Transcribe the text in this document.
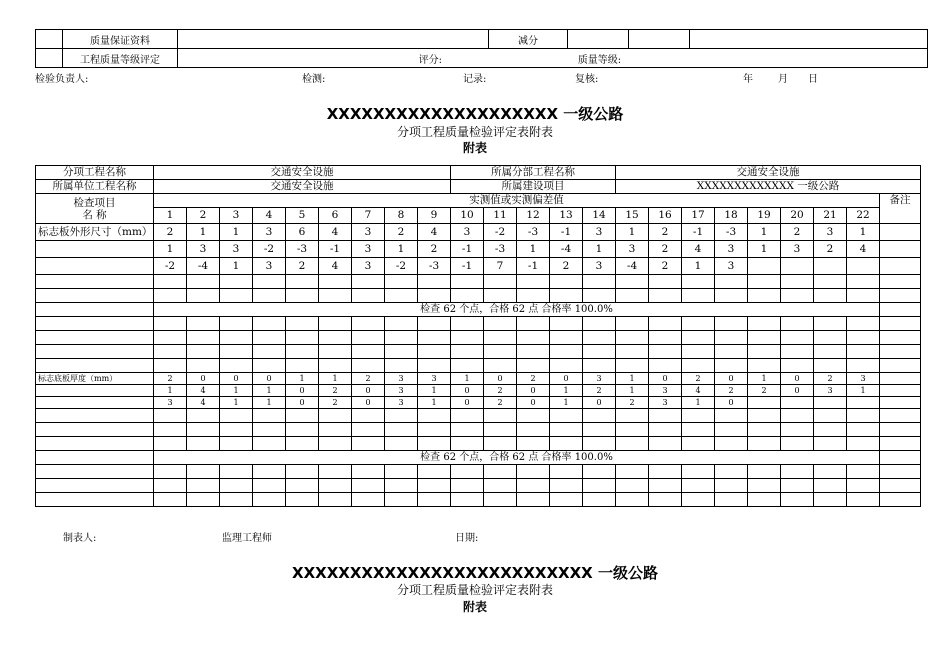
	质量保证资料		减分			
	工程质量等级评定	评分: 质量等级:				
检验负责人:	检测:	记录:	复核:	年	月 日
XXXXXXXXXXXXXXXXXXXX 一级公路
分项工程质量检验评定表附表
附表
分项工程名称	交通安全设施									所属分部工程名称					交通安全设施								
所属单位工程名称	交通安全设施									所属建设项目					XXXXXXXXXXXXX 一级公路								

检查项目
名 称	实测值或实测偏差值																						备注
	1	2	3	4	5	6	7	8	9	10	11	12	13	14	15	16	17	18	19	20	21	22	
标志板外形尺寸（mm）	2	1	1	3	6	4	3	2	4	3	-2	-3	-1	3	1	2	-1	-3	1	2	3	1	
	1	3	3	-2	-3	-1	3	1	2	-1	-3	1	-4	1	3	2	4	3	1	3	2	4	
	-2	-4	1	3	2	4	3	-2	-3	-1	7	-1	2	3	-4	2	1	3					

	检查 62 个点，合格 62 点 合格率 100.0%																						

标志底板厚度（mm）	2	0	0	0	1	1	2	3	3	1	0	2	0	3	1	0	2	0	1	0	2	3	
	1	4	1	1	0	2	0	3	1	0	2	0	1	2	1	3	4	2	2	0	3	1	
	3	4	1	1	0	2	0	3	1	0	2	0	1	0	2	3	1	0					

	检查 62 个点，合格 62 点 合格率 100.0%																						

制表人:	监理工程师	日期:
XXXXXXXXXXXXXXXXXXXXXXXXXX 一级公路
分项工程质量检验评定表附表
附表
